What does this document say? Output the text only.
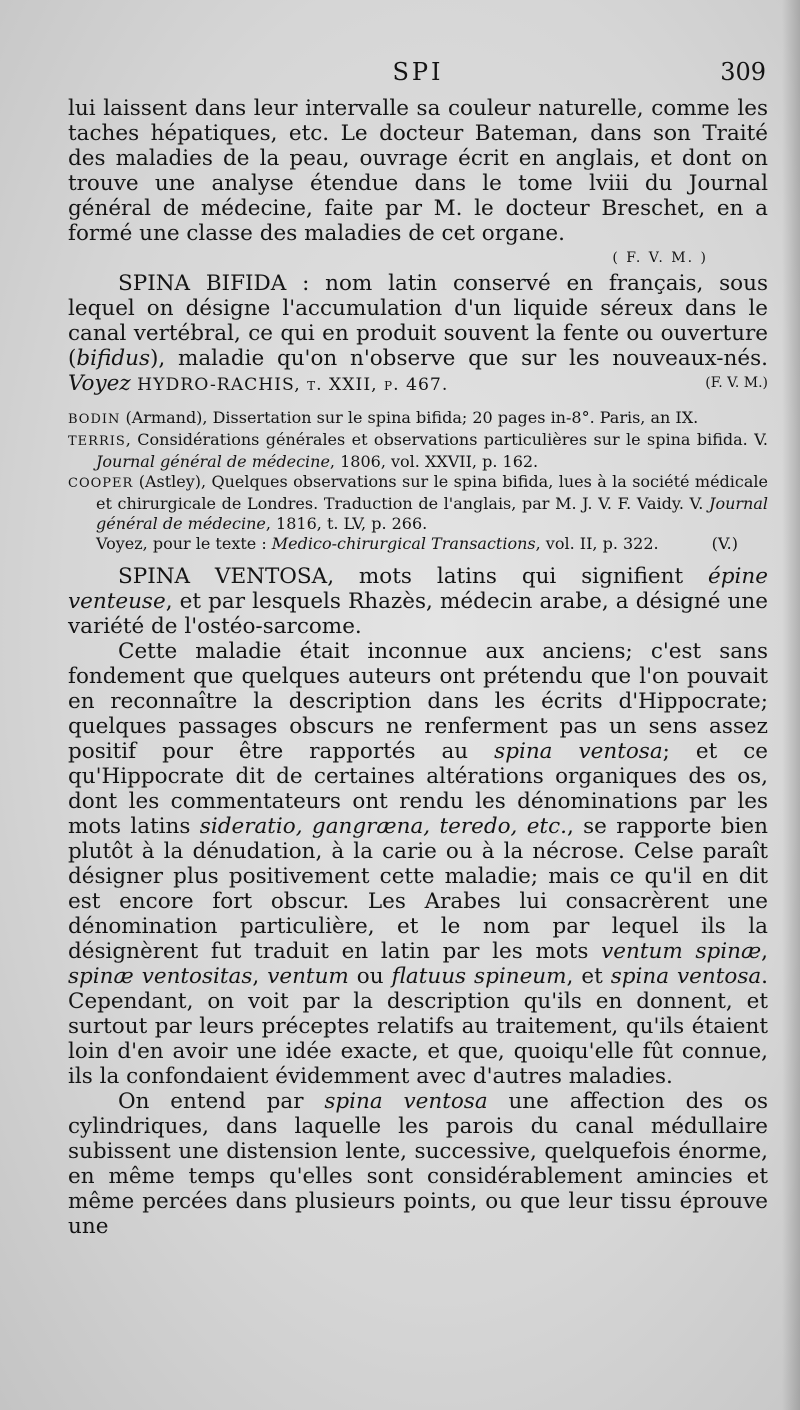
SPI	309

lui laissent dans leur intervalle sa couleur naturelle, comme les taches hépatiques, etc. Le docteur Bateman, dans son Traité des maladies de la peau, ouvrage écrit en anglais, et dont on trouve une analyse étendue dans le tome lviii du Journal général de médecine, faite par M. le docteur Breschet, en a formé une classe des maladies de cet organe.

( F. V. M. )

SPINA BIFIDA : nom latin conservé en français, sous lequel on désigne l'accumulation d'un liquide séreux dans le canal vertébral, ce qui en produit souvent la fente ou ouverture (bifidus), maladie qu'on n'observe que sur les nouveaux-nés. Voyez HYDRO-RACHIS, t. XXII, p. 467.	(F. V. M.)

BODIN (Armand), Dissertation sur le spina bifida; 20 pages in-8°. Paris, an IX.

TERRIS, Considérations générales et observations particulières sur le spina bifida. V. Journal général de médecine, 1806, vol. XXVII, p. 162.

COOPER (Astley), Quelques observations sur le spina bifida, lues à la société médicale et chirurgicale de Londres. Traduction de l'anglais, par M. J. V. F. Vaidy. V. Journal général de médecine, 1816, t. LV, p. 266.

Voyez, pour le texte : Medico-chirurgical Transactions, vol. II, p. 322.	(V.)

SPINA VENTOSA, mots latins qui signifient épine venteuse, et par lesquels Rhazès, médecin arabe, a désigné une variété de l'ostéo-sarcome.

Cette maladie était inconnue aux anciens; c'est sans fondement que quelques auteurs ont prétendu que l'on pouvait en reconnaître la description dans les écrits d'Hippocrate; quelques passages obscurs ne renferment pas un sens assez positif pour être rapportés au spina ventosa; et ce qu'Hippocrate dit de certaines altérations organiques des os, dont les commentateurs ont rendu les dénominations par les mots latins sideratio, gangræna, teredo, etc., se rapporte bien plutôt à la dénudation, à la carie ou à la nécrose. Celse paraît désigner plus positivement cette maladie; mais ce qu'il en dit est encore fort obscur. Les Arabes lui consacrèrent une dénomination particulière, et le nom par lequel ils la désignèrent fut traduit en latin par les mots ventum spinæ, spinæ ventositas, ventum ou flatuus spineum, et spina ventosa. Cependant, on voit par la description qu'ils en donnent, et surtout par leurs préceptes relatifs au traitement, qu'ils étaient loin d'en avoir une idée exacte, et que, quoiqu'elle fût connue, ils la confondaient évidemment avec d'autres maladies.

On entend par spina ventosa une affection des os cylindriques, dans laquelle les parois du canal médullaire subissent une distension lente, successive, quelquefois énorme, en même temps qu'elles sont considérablement amincies et même percées dans plusieurs points, ou que leur tissu éprouve une
